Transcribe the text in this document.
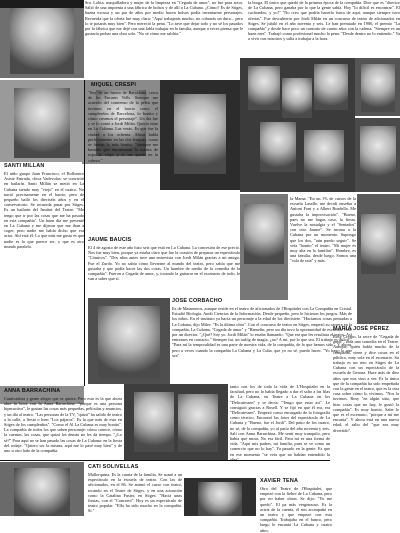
Sra. Lolita, maquilladora y mujer de la limpieza en "Cegada de amor", no fue para actor. Salió de una imprenta a una fábrica de bolsos y de allí a La Cubana. ¿Cómo? Es de Sitges, buena excusa y un par de años por medio hacen bolsos podía inventarme personajes. Recuerda que la oferta fue muy clara: "Aquí trabajarás mucho, no cobrarás un duro... pero lo te pasarás muy bien". Pero mereció la pena. "Lo tuve que dejar todo y no sé los pasados por la fábrica que me dejé con una fabla trabajar en la familia, aunque a veces piensa que le gustaría probar una obra sola. "No sé cómo me saldría."
la broga. El único que quedó de la primera época de la compañía. Dice que es "director de La Cubana, pero ganaba por lo que la gente sabía. Hoy "lo difícil es encontrar". El cachondeo, y yo!" "No creo que podría hacerlo fuera de aquí, aunque siempre tuvo ofertas". Fue descubierto por Jordi Milán en un concurso de teatro de aficionados en Sitges. Se jubiló en el año noventa y seis. Le han premiado en 1986, el premio "La compañía" y desde hace poco un contrato de cuatro años con la cadena. "Siempre es un buen mes". Trabajó como profesional mucho la pena. "Desde dentro no lo entiendo." Va a vivir con nosotros y salía a trabajar a la hora.
MIQUEL CRESPI
"Soy de un barrio de Barcelona, cerca de los Encants Vells. Siempre me acuerdo del comienzo de la pelea que tuvimos en el barrio como el cumpleaños de Barcelona, lo bonito y cómo creamos el personaje". Un día fue y se lo contó a Jordi Milán. Quería estar en La Cubana. Las verás. Es que fue la ciudad a los ochenta. Ahora habla perfectamente en las dos lenguas, como se fueran lo más bonito. "Siempre me bastaba que encontraran la maleta de ropa de viaje, y se me quedó en la cabeza."
SANTI MILLAN
El niño guapo Juan Francisco, el Bollonero Asiste Entrada, chica Vadevolas: se convirtió en bailarín. Santi Millán se metió en La Cubana siendo muy "viejo" en el cuatro. No nació precisamente en el barrio, pero de pequeño bailó los dieciséis años y en el conservatorio. Se recuerda pasar por Sitges. Es un bailarín del Institut del Teatre. "Me tengo que ir por las cosas que me ha pasado en esta compañía". Un buen día me presenté en La Cubana y me dijeron que me iban a coger, pero nadie me había dicho que era actor. Ahí está él: Lo que más me gusta es que nadie es lo que parece ser, y que es otro mundo paralelo.
JAUME BAUCIS
El 4 de agosto de este año hizo seis que está en La Cubana. La concesión de ese precio. Nos fue muy bien, porque ya estaba claro que fue la ocasión de preparar un espectáculo "Cómicos". "Dos años antes tuve una entrevista con Jordi Milán gracias a mi amigo. Fue el Zurdo. Yo no sabía cómo llevarme al mundo del teatro, pero sabía que me gustaba y que podía hacer las dos cosas. Un hombre de medio de la comedia de la compañía". Fueron a Cegada de amor, y, tocando la guitarra en el escenario de todo, le van a saber que sí.
la Mama. "En un 1% de cursos de la escuela Lasalle, me decidí enseñar a Antoni Font y a Albert Boadella. Me gustaba la improvisación". "Bueno, pues no me hagas caso, la fiesta. Vuelve la nostalgia y el "Sentados" con otro Jaume". Se asoma a la Cubana por un momento. Supongo que los dos, "aún puedo seguir". Se veía "bonito" el teatro. "Mi mujer es muy alta en lo familiar". Hombre, es una familia, desde luego. Somos una "cola de rata" y más.
JOSE CORBACHO
Es de Matamoros, aunque reside en el teatro de aficionados de l'Hospitalet con La Compañía en Cristal. Estudió Biología. Andó Ciencias de la Información. Desde pequeño, pero le hicieron los juegos. Más de los niños. En el instituto ya hacía un personaje a la edad de los diecisiete. "Hacíamos cosas pensadas a La Cubana, dijo Miler: "Es la última obra". Con el concurso de teatro en Sitges, empezó su carrera en la compañía, La Cubana, "Cegada de amor" y "Hamelin, pero un día tuvo la oportunidad de escuchar. Pasé por un director. "¿Qué? Soy yo. Jordi Milán" lo estaba llamando. "Que era que les resultara el teatro. Así entramos en contacto." Siempre fui, un tarlóg de magia, ¿no? A mí, por lo que sea. El trabajo es difícil". "Para mí la temporalidad es una parte de nuestra vida, de la compañía, de lo que hemos sido". Y ahora, pero a veces cuando la compañía La Cubana y La Cuba, que yo no sé, puedo hacer. "Yo hago lo que sea".
MARIA JOSÉ PÉREZ
Rosy Crespo, la secre de "Cegada de amor", toda una comedia en el Teatre. Aunque, quién habla mucho de la compañía, viene y dice cosas en el público, muy sola en el escenario. Su trabajo es un reto en Sitges de La Cubana con un espectáculo de la escuela de Gerona. Hace más de diez años que nos vino a ver. Es la única que de la compañía ha sido empeñada con la gente en el teatro, que es la otra casa sobre cómo lo vivimos. "Nos la tuvimos. Rosy "en algún sitio, que hizo cosas que no hay, le gustó la compañía". Es muy bonito. Sabe lo que es el escenario, "porque a mí me encanta". Y ahora está en una nueva edad, el salto del "que sea muy divertido".
ANNA BARRACHINA
Cautivadora y gente alegre que se quiera. Pero esto es la que ahora abre la boca con la Anna Barrachina, "porque es una persona hiperactiva", le gustan las cosas más pequeñas, películas y anuncios, y un día al teatro. "Las personas de la TV, "quizá" ha salido de teatro a la calle, a fiesta o bien "Los pájaros". Es la que más de esto en Sitges de los cumpleaños". "Como el Al La Cubana es muy bonito". La compañía de todos los que saben personaje: cómo conoce, cómo la cuentas, las cosas, que quizá los demás no les da tiempo. "¿Lo sé?" Para aquí no se han pasado las cosas de La Cubana: en la fiesta del rodaje. "Quiero ser la misma, aquí me lo pasé muy bien" y de uno u otro lado de la compañía.
tanto con los de toda la vida de L'Hospitalet en la facultad, pero no lo había llegado a dar el salto a las filas de La Cubana, en Teatre a La Cubana en los "Delicatessen" y se decía: "Tengo que estar así". Le consiguió gracias a Rosell. Y se fijó en que él era, era "Delicatessen". Empezó como encargado de la fotografía como técnico. Encontró las fotos del espectáculo de La Cubana y "Bueno, fue el Jordi". Del patio de los cuatro, no sé, de la compañía, yo al patio del año noventa y seis. Salí con Anna Barrachina. Me sentí muy tranquilo, pero había que mirar. No era fácil. Para mí es una forma de vida. "Aquí mis padres, mi familia, pues se ve como un comercio que no lo hay". Ya pasado en la gente. Es que en ese momento "se veía que no habían entendido la
CATI SOLIVELLAS
Mallorquina. Es la cuarta de la familia. Se sumó a un espectáculo en la escuela de teatro. Con las de aficionados, en el 86. Se animó el curso con teatro, tocando en el Teatre de Sitges, y en una actuación como la Catalina Fuster, en Sitges: "Hacía unas fiestas, con el "Concertó". Hoy es un espectáculo de teatro popular. "Ella ha sido mucho en la compañía. Sí."
XAVIER TENA
Otro del Teatre de l'Hospitalet, que empezó con la fiebre de La Cubana, pero por no haber obras. Se dijo: "Yo me quedo". El pa más vergonzoso. Es la actriz de la cuenta, él nos acompañó en un teatro y que empezó con esta compañía. Trabajaba en el banco, pero luego le encantó La Cubana y cuatro años.
